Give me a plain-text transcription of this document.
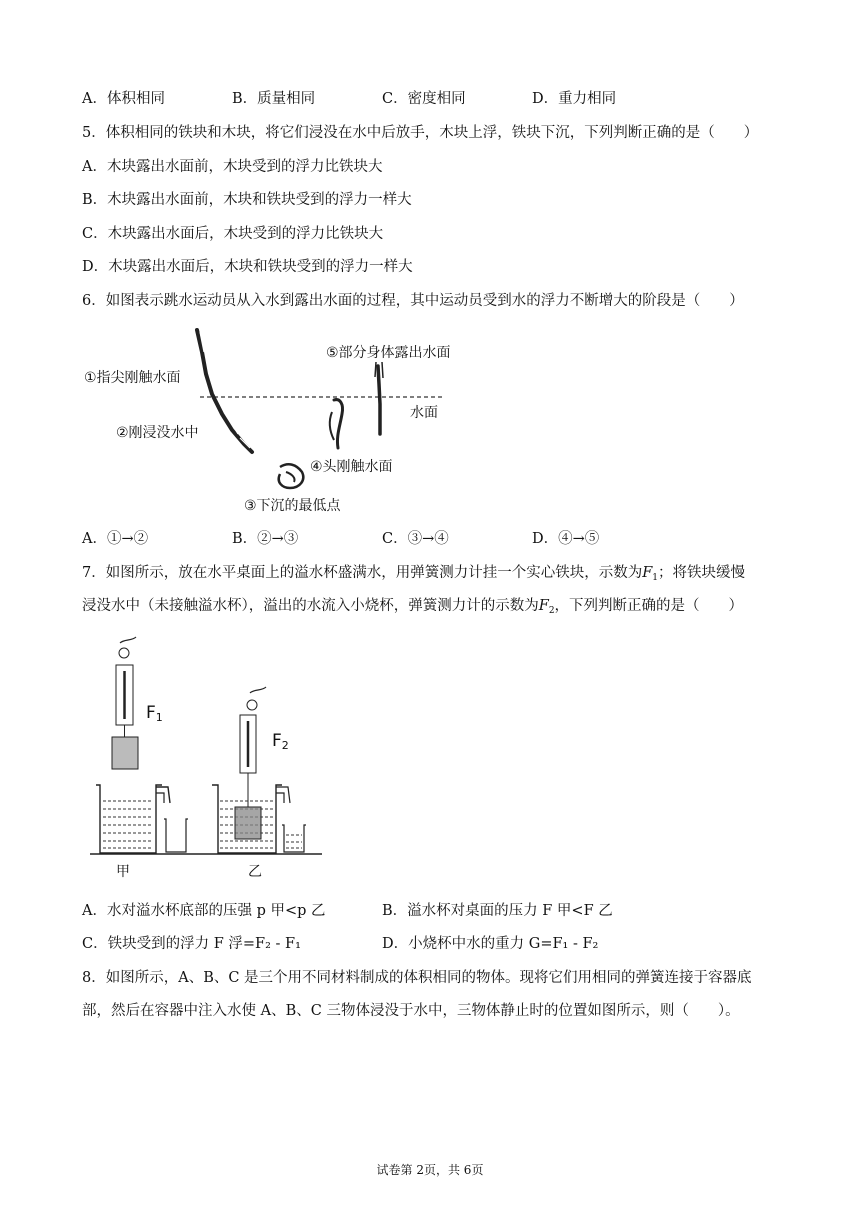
A．体积相同	B．质量相同	C．密度相同	D．重力相同
5．体积相同的铁块和木块，将它们浸没在水中后放手，木块上浮，铁块下沉，下列判断正确的是（　　）
A．木块露出水面前，木块受到的浮力比铁块大
B．木块露出水面前，木块和铁块受到的浮力一样大
C．木块露出水面后，木块受到的浮力比铁块大
D．木块露出水面后，木块和铁块受到的浮力一样大
6．如图表示跳水运动员从入水到露出水面的过程，其中运动员受到水的浮力不断增大的阶段是（　　）
①指尖刚触水面
②刚浸没水中
③下沉的最低点
④头刚触水面
⑤部分身体露出水面
水面
A．①→②	B．②→③	C．③→④	D．④→⑤
7．如图所示，放在水平桌面上的溢水杯盛满水，用弹簧测力计挂一个实心铁块，示数为$F_1$；将铁块缓慢
浸没水中（未接触溢水杯），溢出的水流入小烧杯，弹簧测力计的示数为$F_2$，下列判断正确的是（　　）
$F_1$
$F_2$
甲	乙
A．水对溢水杯底部的压强 p 甲<p 乙	B．溢水杯对桌面的压力 F 甲<F 乙
C．铁块受到的浮力 F 浮=F₂ - F₁	D．小烧杯中水的重力 G=F₁ - F₂
8．如图所示，A、B、C 是三个用不同材料制成的体积相同的物体。现将它们用相同的弹簧连接于容器底
部，然后在容器中注入水使 A、B、C 三物体浸没于水中，三物体静止时的位置如图所示，则（　　）。
试卷第 2页，共 6页
